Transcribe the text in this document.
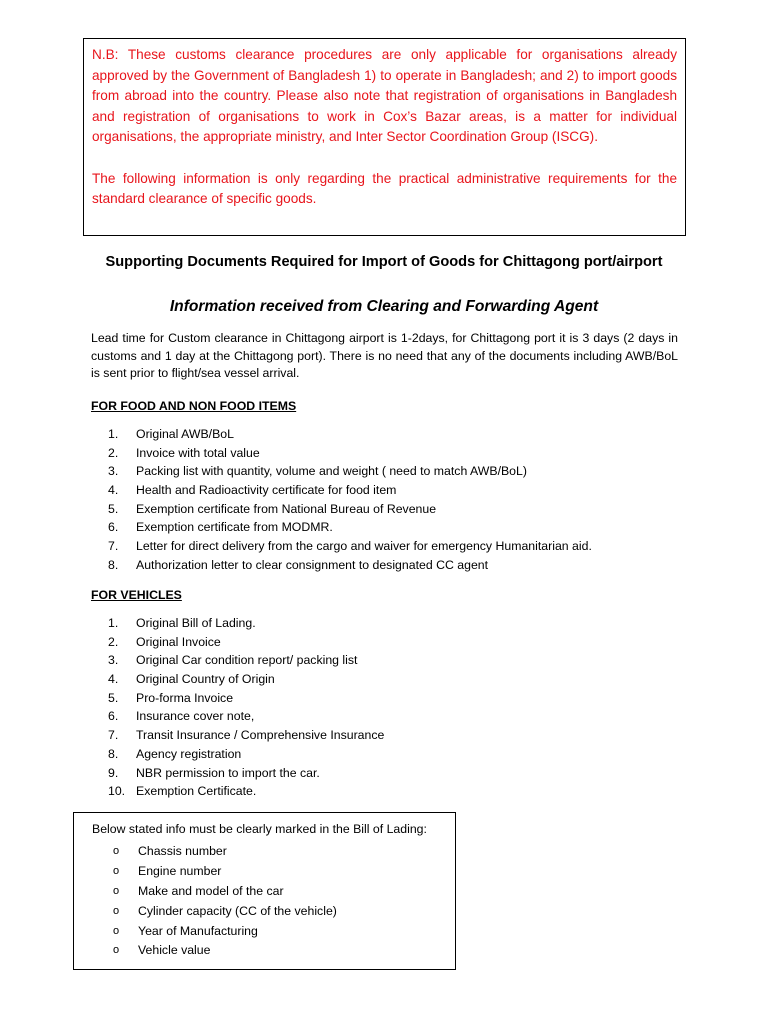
N.B: These customs clearance procedures are only applicable for organisations already approved by the Government of Bangladesh 1) to operate in Bangladesh; and 2) to import goods from abroad into the country. Please also note that registration of organisations in Bangladesh and registration of organisations to work in Cox’s Bazar areas, is a matter for individual organisations, the appropriate ministry, and Inter Sector Coordination Group (ISCG).

The following information is only regarding the practical administrative requirements for the standard clearance of specific goods.

Supporting Documents Required for Import of Goods for Chittagong port/airport
Information received from Clearing and Forwarding Agent

Lead time for Custom clearance in Chittagong airport is 1-2days, for Chittagong port it is 3 days (2 days in customs and 1 day at the Chittagong port). There is no need that any of the documents including AWB/BoL is sent prior to flight/sea vessel arrival.

FOR FOOD AND NON FOOD ITEMS

1.	Original AWB/BoL
2.	Invoice with total value
3.	Packing list with quantity, volume and weight ( need to match AWB/BoL)
4.	Health and Radioactivity certificate for food item
5.	Exemption certificate from National Bureau of Revenue
6.	Exemption certificate from MODMR.
7.	Letter for direct delivery from the cargo and waiver for emergency Humanitarian aid.
8.	Authorization letter to clear consignment to designated CC agent

FOR VEHICLES

1.	Original Bill of Lading.
2.	Original Invoice
3.	Original Car condition report/ packing list
4.	Original Country of Origin
5.	Pro-forma Invoice
6.	Insurance cover note,
7.	Transit Insurance / Comprehensive Insurance
8.	Agency registration
9.	NBR permission to import the car.
10. Exemption Certificate.

Below stated info must be clearly marked in the Bill of Lading:

o Chassis number
o Engine number
o Make and model of the car
o Cylinder capacity (CC of the vehicle)
o Year of Manufacturing
o Vehicle value
